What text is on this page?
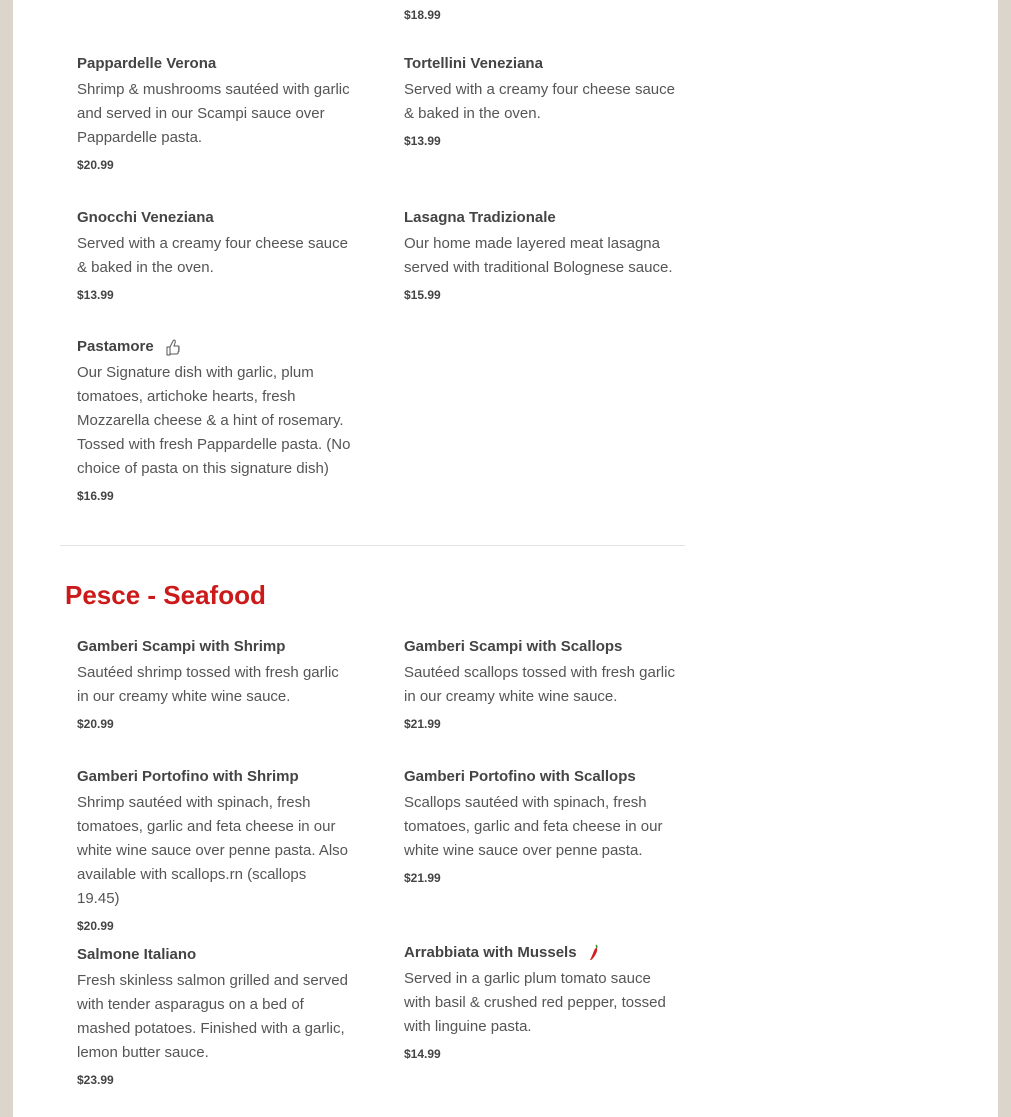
$18.99
Pappardelle Verona
Shrimp & mushrooms sautéed with garlic and served in our Scampi sauce over Pappardelle pasta.
$20.99
Tortellini Veneziana
Served with a creamy four cheese sauce & baked in the oven.
$13.99
Gnocchi Veneziana
Served with a creamy four cheese sauce & baked in the oven.
$13.99
Lasagna Tradizionale
Our home made layered meat lasagna served with traditional Bolognese sauce.
$15.99
Pastamore
Our Signature dish with garlic, plum tomatoes, artichoke hearts, fresh Mozzarella cheese & a hint of rosemary. Tossed with fresh Pappardelle pasta. (No choice of pasta on this signature dish)
$16.99
Pesce - Seafood
Gamberi Scampi with Shrimp
Sautéed shrimp tossed with fresh garlic in our creamy white wine sauce.
$20.99
Gamberi Scampi with Scallops
Sautéed scallops tossed with fresh garlic in our creamy white wine sauce.
$21.99
Gamberi Portofino with Shrimp
Shrimp sautéed with spinach, fresh tomatoes, garlic and feta cheese in our white wine sauce over penne pasta. Also available with scallops.rn (scallops 19.45)
$20.99
Gamberi Portofino with Scallops
Scallops sautéed with spinach, fresh tomatoes, garlic and feta cheese in our white wine sauce over penne pasta.
$21.99
Salmone Italiano
Fresh skinless salmon grilled and served with tender asparagus on a bed of mashed potatoes. Finished with a garlic, lemon butter sauce.
$23.99
Arrabbiata with Mussels
Served in a garlic plum tomato sauce with basil & crushed red pepper, tossed with linguine pasta.
$14.99
